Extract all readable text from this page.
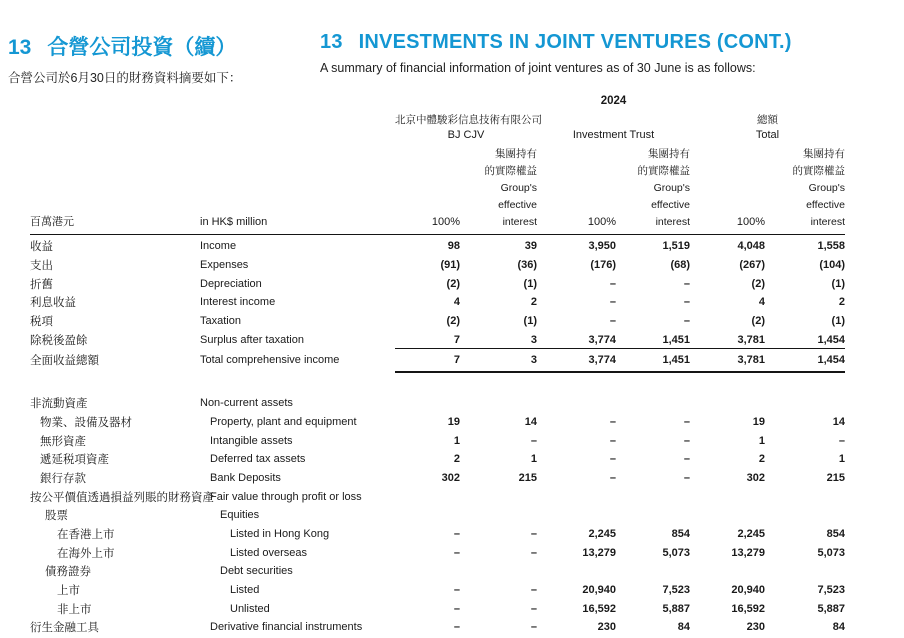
13 合營公司投資（續）

合營公司於6月30日的財務資料摘要如下：

13 INVESTMENTS IN JOINT VENTURES (CONT.)

A summary of financial information of joint ventures as of 30 June is as follows:

2024
北京中體駿彩信息技術有限公司	總額
BJ CJV	Investment Trust	Total
百萬港元	in HK$ million	100%
集團持有
的實際權益
Group's
effective
interest	100%
集團持有
的實際權益
Group's
effective
interest	100%
集團持有
的實際權益
Group's
effective
interest
收益	Income	98	39	3,950	1,519	4,048	1,558
支出	Expenses	(91)	(36)	(176)	(68)	(267)	(104)
折舊	Depreciation	(2)	(1)	–	–	(2)	(1)
利息收益	Interest income	4	2	–	–	4	2
税項	Taxation	(2)	(1)	–	–	(2)	(1)
除税後盈餘	Surplus after taxation	7	3	3,774	1,451	3,781	1,454
全面收益總額	Total comprehensive income	7	3	3,774	1,451	3,781	1,454
非流動資產	Non-current assets
物業、設備及器材	Property, plant and equipment	19	14	–	–	19	14
無形資產	Intangible assets	1	–	–	–	1	–
遞延税項資產	Deferred tax assets	2	1	–	–	2	1
銀行存款	Bank Deposits	302	215	–	–	302	215
按公平價值透過損益列賬的財務資產
Fair value through profit or loss
股票	Equities
在香港上市	Listed in Hong Kong	–	–	2,245	854	2,245	854
在海外上市	Listed overseas	–	–	13,279	5,073	13,279	5,073
債務證券	Debt securities
上市	Listed	–	–	20,940	7,523	20,940	7,523
非上市	Unlisted	–	–	16,592	5,887	16,592	5,887
衍生金融工具	Derivative financial instruments	–	–	230	84	230	84
